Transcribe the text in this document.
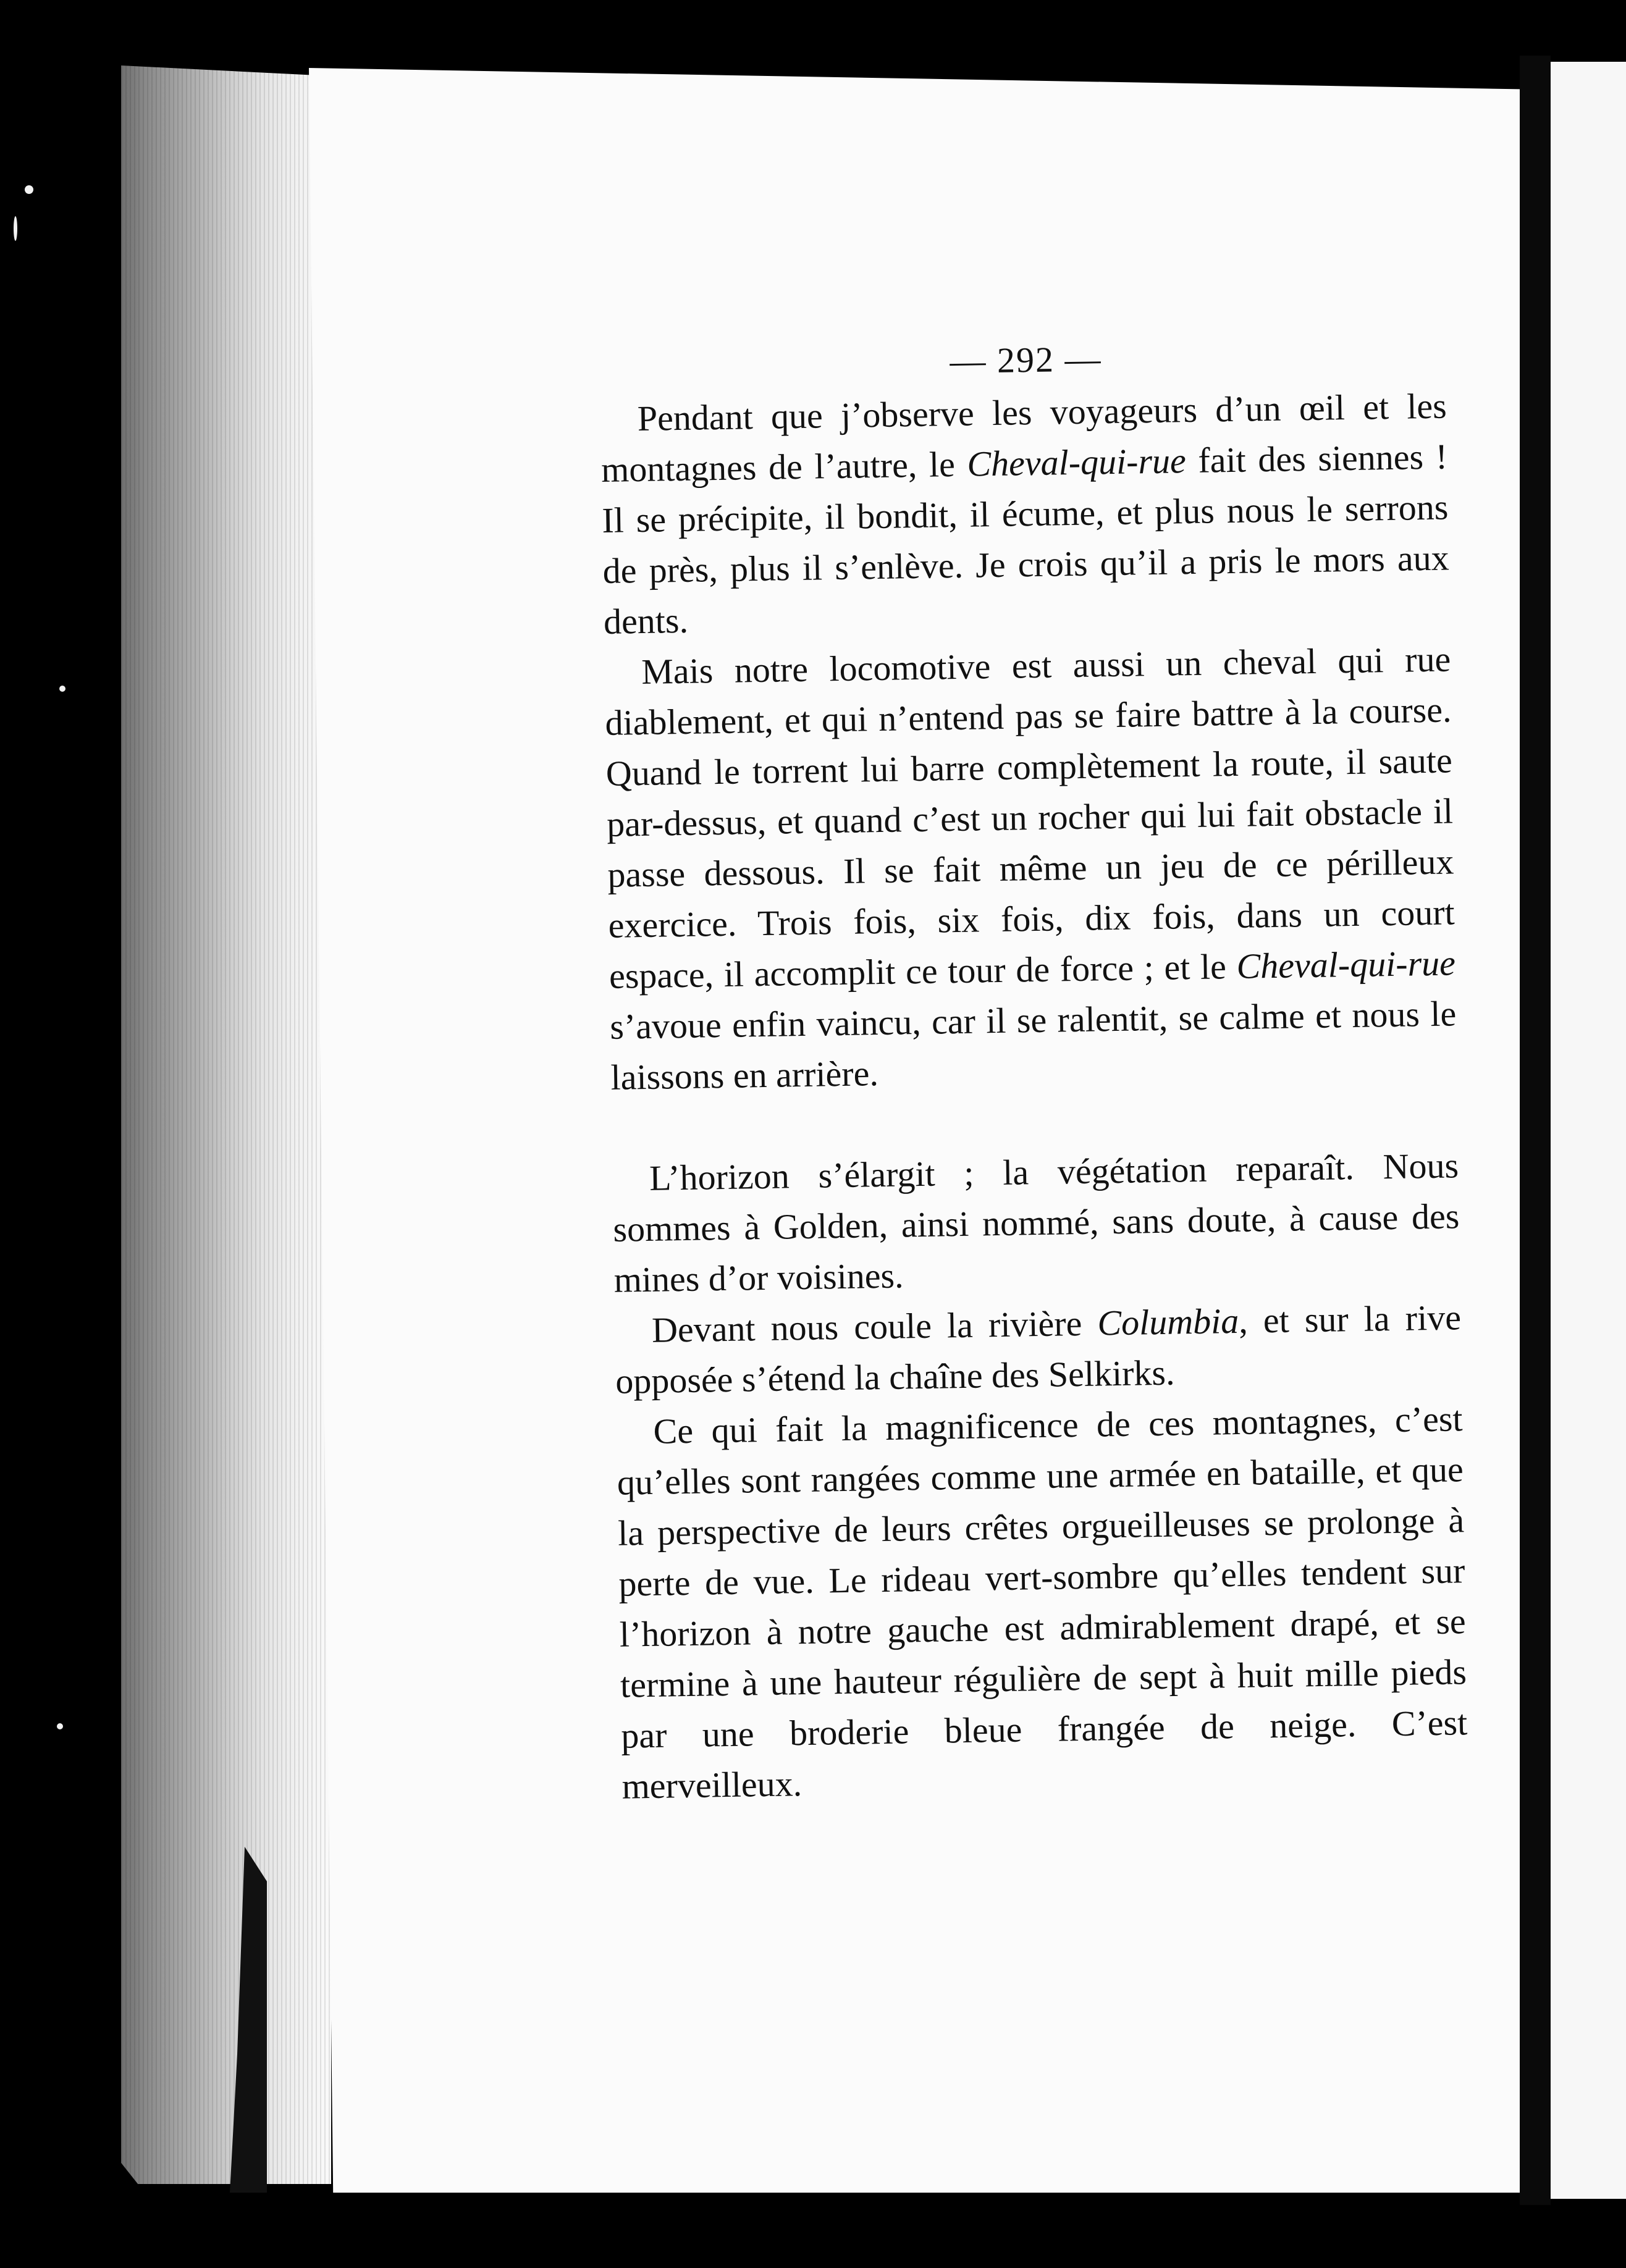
— 292 —

Pendant que j’observe les voyageurs d’un œil et les montagnes de l’autre, le Cheval-qui-rue fait des siennes ! Il se précipite, il bondit, il écume, et plus nous le serrons de près, plus il s’enlève. Je crois qu’il a pris le mors aux dents.

Mais notre locomotive est aussi un cheval qui rue diablement, et qui n’entend pas se faire battre à la course. Quand le torrent lui barre complètement la route, il saute par-dessus, et quand c’est un rocher qui lui fait obstacle il passe dessous. Il se fait même un jeu de ce périlleux exercice. Trois fois, six fois, dix fois, dans un court espace, il accomplit ce tour de force ; et le Cheval-qui-rue s’avoue enfin vaincu, car il se ralentit, se calme et nous le laissons en arrière.

L’horizon s’élargit ; la végétation reparaît. Nous sommes à Golden, ainsi nommé, sans doute, à cause des mines d’or voisines.

Devant nous coule la rivière Columbia, et sur la rive opposée s’étend la chaîne des Selkirks.

Ce qui fait la magnificence de ces montagnes, c’est qu’elles sont rangées comme une armée en bataille, et que la perspective de leurs crêtes orgueilleuses se prolonge à perte de vue. Le rideau vert-sombre qu’elles tendent sur l’horizon à notre gauche est admirablement drapé, et se termine à une hauteur régulière de sept à huit mille pieds par une broderie bleue frangée de neige. C’est merveilleux.
